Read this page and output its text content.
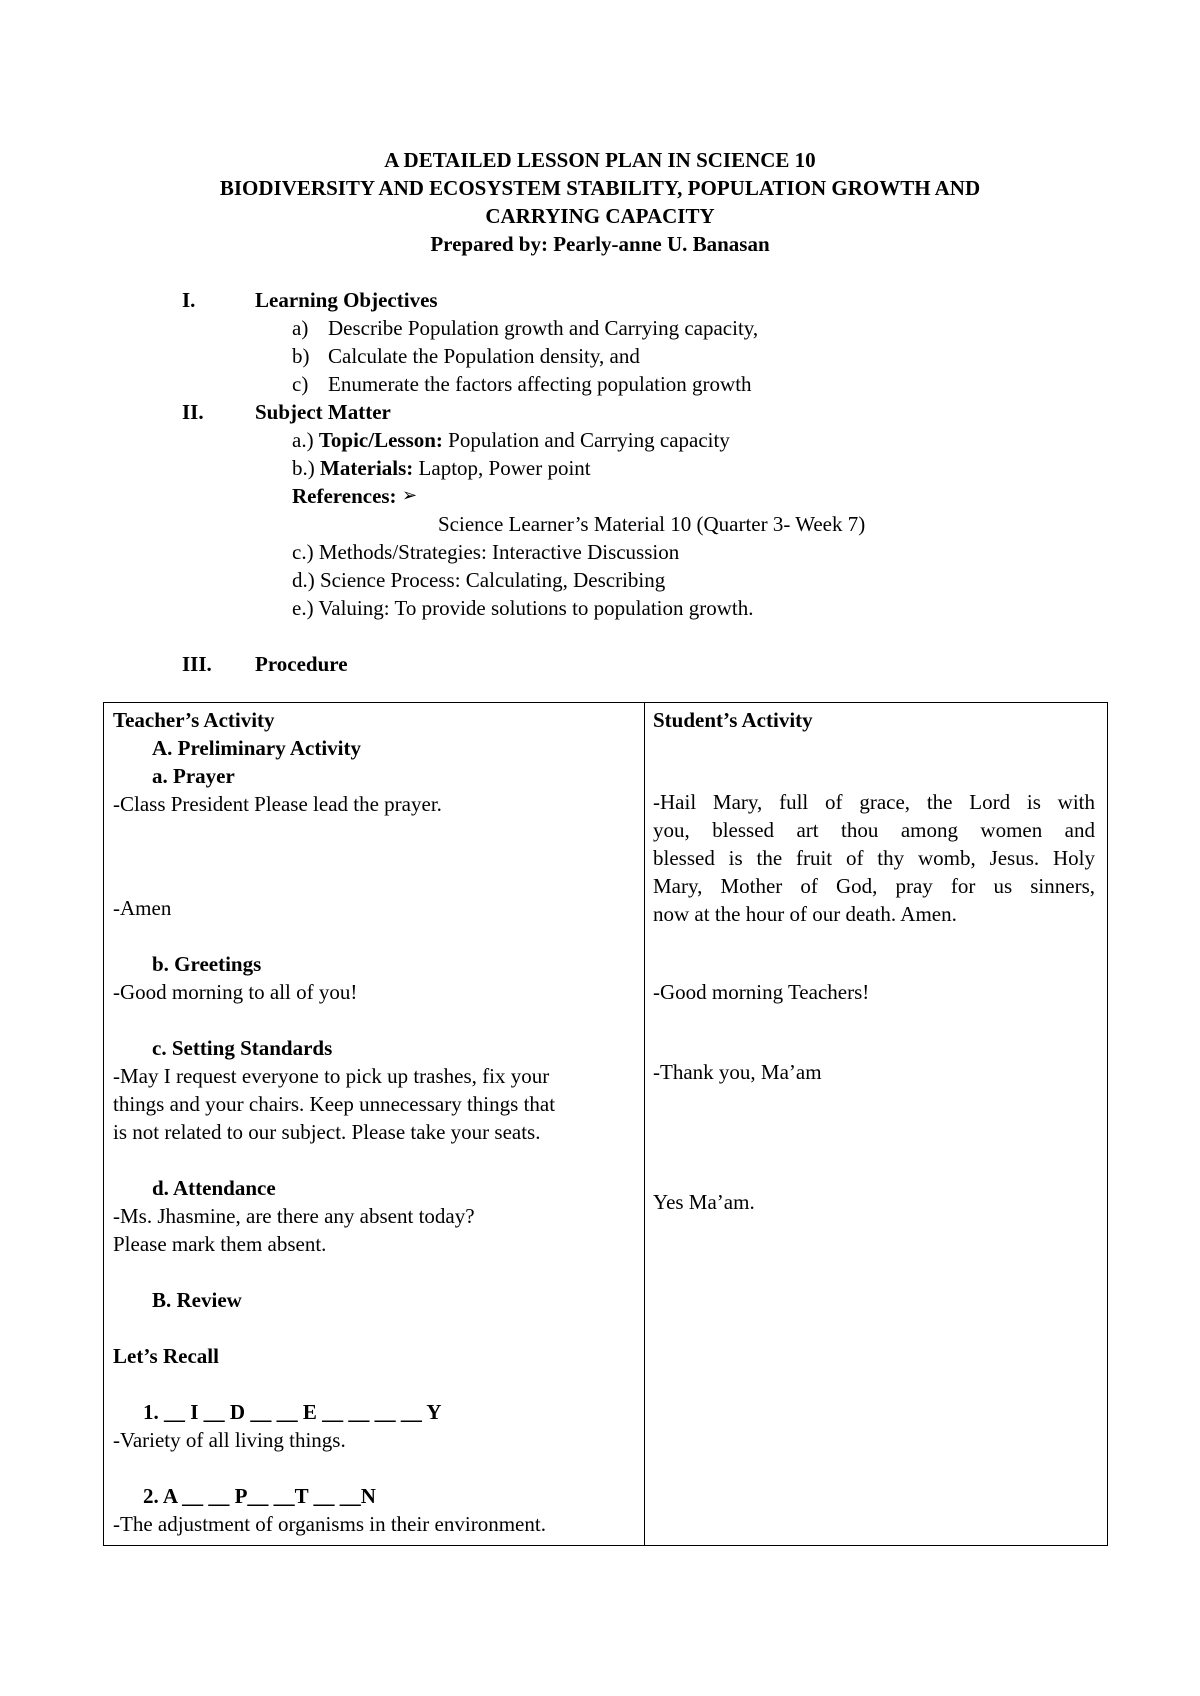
A DETAILED LESSON PLAN IN SCIENCE 10
BIODIVERSITY AND ECOSYSTEM STABILITY, POPULATION GROWTH AND
CARRYING CAPACITY
Prepared by: Pearly-anne U. Banasan
I.	Learning Objectives
a) Describe Population growth and Carrying capacity,
b) Calculate the Population density, and
c) Enumerate the factors affecting population growth
II. Subject Matter
a.) Topic/Lesson: Population and Carrying capacity
b.) Materials: Laptop, Power point
References: ➢
Science Learner’s Material 10 (Quarter 3- Week 7)
c.) Methods/Strategies: Interactive Discussion
d.) Science Process: Calculating, Describing
e.) Valuing: To provide solutions to population growth.
III. Procedure
Teacher’s Activity
A. Preliminary Activity
a. Prayer
-Class President Please lead the prayer.
-Amen
b. Greetings
-Good morning to all of you!
c. Setting Standards
-May I request everyone to pick up trashes, fix your
things and your chairs. Keep unnecessary things that
is not related to our subject. Please take your seats.
d. Attendance
-Ms. Jhasmine, are there any absent today?
Please mark them absent.
B. Review
Let’s Recall
1. __ I __ D __ __ E __ __ __ __ Y
-Variety of all living things.
2. A __ __ P__ __T __ __N
-The adjustment of organisms in their environment.
Student’s Activity
-Hail Mary, full of grace, the Lord is with
you, blessed art thou among women and
blessed is the fruit of thy womb, Jesus. Holy
Mary, Mother of God, pray for us sinners,
now at the hour of our death. Amen.
-Good morning Teachers!
-Thank you, Ma’am
Yes Ma’am.
